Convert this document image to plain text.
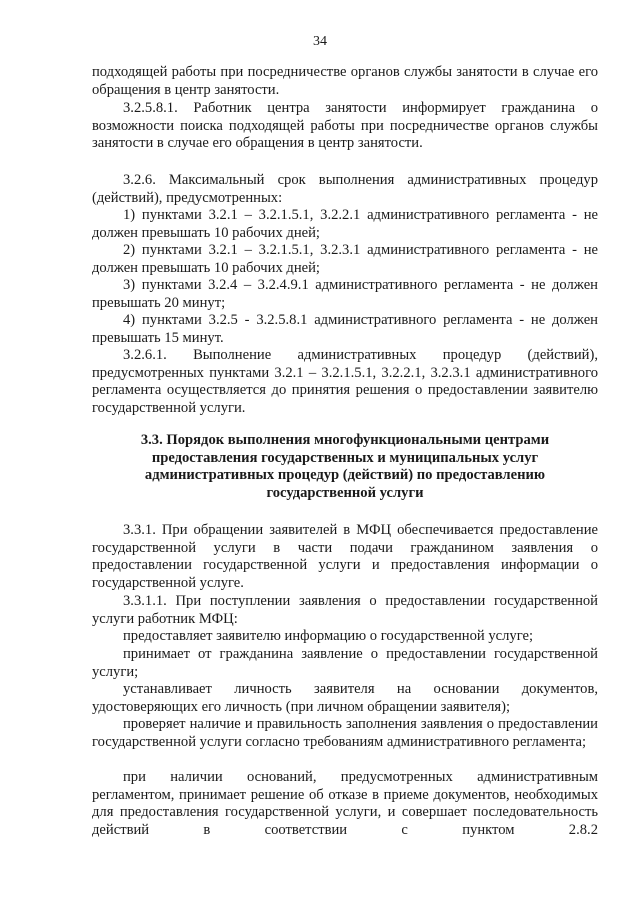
34

подходящей работы при посредничестве органов службы занятости в случае его обращения в центр занятости.

3.2.5.8.1. Работник центра занятости информирует гражданина о возможности поиска подходящей работы при посредничестве органов службы занятости в случае его обращения в центр занятости.

3.2.6. Максимальный срок выполнения административных процедур (действий), предусмотренных:

1) пунктами 3.2.1 – 3.2.1.5.1, 3.2.2.1 административного регламента - не должен превышать 10 рабочих дней;

2) пунктами 3.2.1 – 3.2.1.5.1, 3.2.3.1 административного регламента - не должен превышать 10 рабочих дней;

3) пунктами 3.2.4 – 3.2.4.9.1 административного регламента - не должен превышать 20 минут;

4) пунктами 3.2.5 - 3.2.5.8.1 административного регламента - не должен превышать 15 минут.

3.2.6.1. Выполнение административных процедур (действий), предусмотренных пунктами 3.2.1 – 3.2.1.5.1, 3.2.2.1, 3.2.3.1 административного регламента осуществляется до принятия решения о предоставлении заявителю государственной услуги.

3.3. Порядок выполнения многофункциональными центрами
предоставления государственных и муниципальных услуг
административных процедур (действий) по предоставлению
государственной услуги

3.3.1. При обращении заявителей в МФЦ обеспечивается предоставление государственной услуги в части подачи гражданином заявления о предоставлении государственной услуги и предоставления информации о государственной услуге.

3.3.1.1. При поступлении заявления о предоставлении государственной услуги работник МФЦ:

предоставляет заявителю информацию о государственной услуге;

принимает от гражданина заявление о предоставлении государственной услуги;

устанавливает личность заявителя на основании документов, удостоверяющих его личность (при личном обращении заявителя);

проверяет наличие и правильность заполнения заявления о предоставлении государственной услуги согласно требованиям административного регламента;

при наличии оснований, предусмотренных административным регламентом, принимает решение об отказе в приеме документов, необходимых для предоставления государственной услуги, и совершает последовательность действий в соответствии с пунктом 2.8.2
